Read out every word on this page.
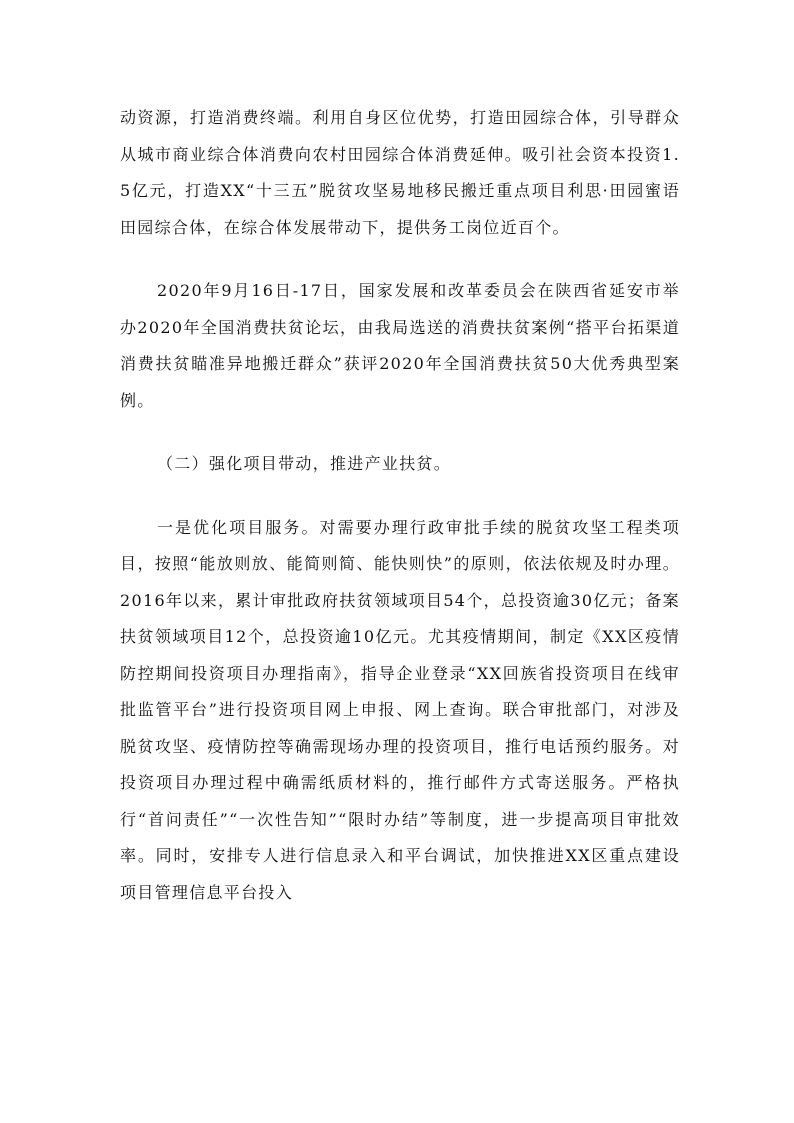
动资源，打造消费终端。利用自身区位优势，打造田园综合体，引导群众从城市商业综合体消费向农村田园综合体消费延伸。吸引社会资本投资1.5亿元，打造XX“十三五”脱贫攻坚易地移民搬迁重点项目利思·田园蜜语田园综合体，在综合体发展带动下，提供务工岗位近百个。

2020年9月16日-17日，国家发展和改革委员会在陕西省延安市举办2020年全国消费扶贫论坛，由我局选送的消费扶贫案例“搭平台拓渠道消费扶贫瞄准异地搬迁群众”获评2020年全国消费扶贫50大优秀典型案例。

（二）强化项目带动，推进产业扶贫。

一是优化项目服务。对需要办理行政审批手续的脱贫攻坚工程类项目，按照“能放则放、能简则简、能快则快”的原则，依法依规及时办理。2016年以来，累计审批政府扶贫领域项目54个，总投资逾30亿元；备案扶贫领域项目12个，总投资逾10亿元。尤其疫情期间，制定《XX区疫情防控期间投资项目办理指南》，指导企业登录“XX回族省投资项目在线审批监管平台”进行投资项目网上申报、网上查询。联合审批部门，对涉及脱贫攻坚、疫情防控等确需现场办理的投资项目，推行电话预约服务。对投资项目办理过程中确需纸质材料的，推行邮件方式寄送服务。严格执行“首问责任”“一次性告知”“限时办结”等制度，进一步提高项目审批效率。同时，安排专人进行信息录入和平台调试，加快推进XX区重点建设项目管理信息平台投入
